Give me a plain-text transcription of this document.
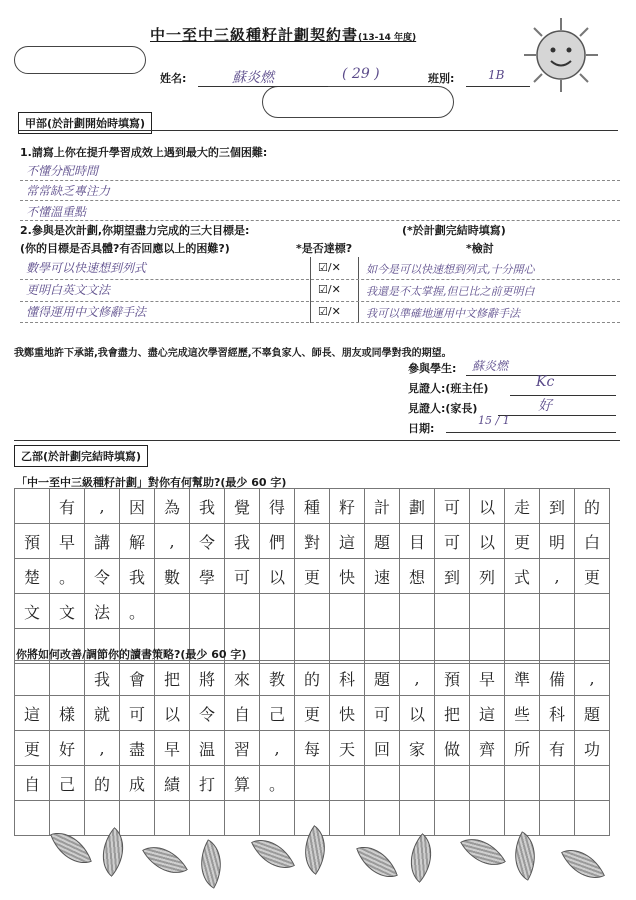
中一至中三級種籽計劃契約書(13-14 年度)
姓名:	蘇炎燃	( 29 )	班別:	1B
甲部(於計劃開始時填寫)
1.請寫上你在提升學習成效上遇到最大的三個困難:
不懂分配時間
常常缺乏專注力
不懂溫重點
2.參與是次計劃,你期望盡力完成的三大目標是:	(*於計劃完結時填寫)
(你的目標是否具體?有否回應以上的困難?)	*是否達標?	*檢討
數學可以快速想到列式	☑/✕ 如今是可以快速想到列式,十分開心
更明白英文文法	☑/✕ 我還是不太掌握,但已比之前更明白
懂得運用中文修辭手法	☑/✕ 我可以準確地運用中文修辭手法
我鄭重地許下承諾,我會盡力、盡心完成這次學習經歷,不辜負家人、師長、朋友或同學對我的期望。
參與學生: 蘇炎燃
見證人:(班主任)	Kc
見證人:(家長)	好
日期:
15 / 1
乙部(於計劃完結時填寫)
「中一至中三級種籽計劃」對你有何幫助?(最少 60 字)
	有	,	因	為	我	覺	得	種	籽	計	劃	可	以	走	到	的
預	早	講	解	,	令	我	們	對	這	題	目	可	以	更	明	白
楚	。	令	我	數	學	可	以	更	快	速	想	到	列	式	,	更
文	文	法	。													

你將如何改善/調節你的讀書策略?(最少 60 字)
		我	會	把	將	來	教	的	科	題	,	預	早	準	備	,
這	樣	就	可	以	令	自	己	更	快	可	以	把	這	些	科	題
更	好	,	盡	早	温	習	,	每	天	回	家	做	齊	所	有	功
自	己	的	成	績	打	算	。									
